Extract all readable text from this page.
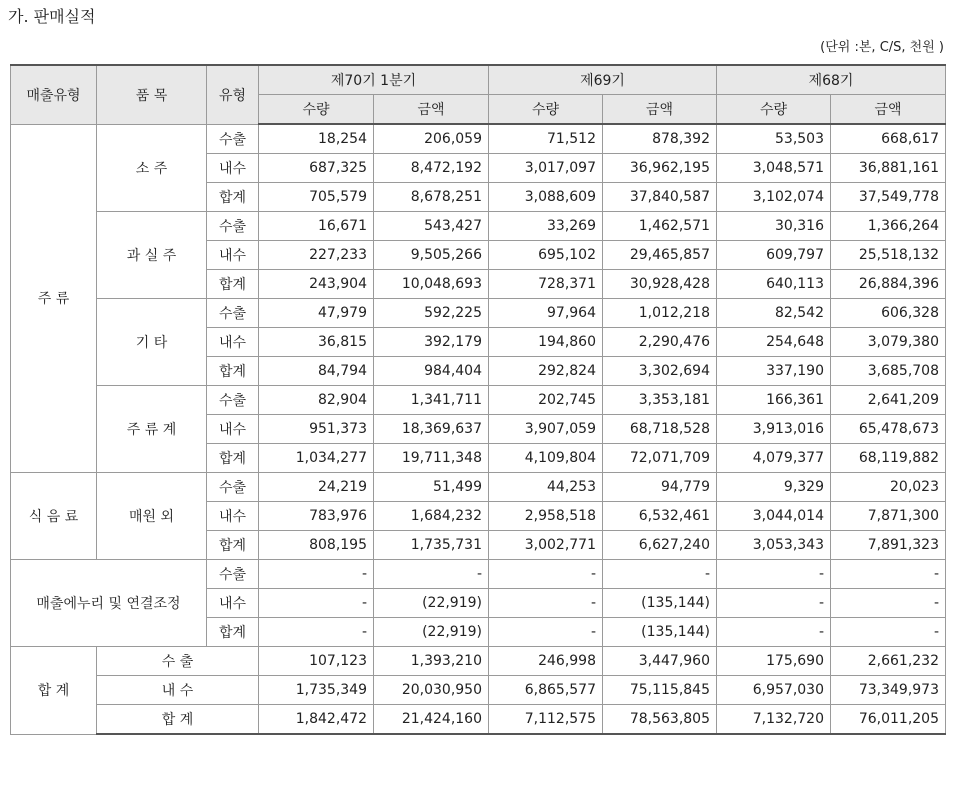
가. 판매실적
(단위 :본, C/S, 천원 )
매출유형	품 목	유형	제70기 1분기		제69기		제68기	
			수량	금액	수량	금액	수량	금액
주 류	소 주	수출	18,254	206,059	71,512	878,392	53,503	668,617
		내수	687,325	8,472,192	3,017,097	36,962,195	3,048,571	36,881,161
		합계	705,579	8,678,251	3,088,609	37,840,587	3,102,074	37,549,778
	과 실 주	수출	16,671	543,427	33,269	1,462,571	30,316	1,366,264
		내수	227,233	9,505,266	695,102	29,465,857	609,797	25,518,132
		합계	243,904	10,048,693	728,371	30,928,428	640,113	26,884,396
	기 타	수출	47,979	592,225	97,964	1,012,218	82,542	606,328
		내수	36,815	392,179	194,860	2,290,476	254,648	3,079,380
		합계	84,794	984,404	292,824	3,302,694	337,190	3,685,708
	주 류 계	수출	82,904	1,341,711	202,745	3,353,181	166,361	2,641,209
		내수	951,373	18,369,637	3,907,059	68,718,528	3,913,016	65,478,673
		합계	1,034,277	19,711,348	4,109,804	72,071,709	4,079,377	68,119,882
식 음 료	매원 외	수출	24,219	51,499	44,253	94,779	9,329	20,023
		내수	783,976	1,684,232	2,958,518	6,532,461	3,044,014	7,871,300
		합계	808,195	1,735,731	3,002,771	6,627,240	3,053,343	7,891,323
매출에누리 및 연결조정		수출	-	-	-	-	-	-
		내수	-	(22,919)	-	(135,144)	-	-
		합계	-	(22,919)	-	(135,144)	-	-
합 계	수 출		107,123	1,393,210	246,998	3,447,960	175,690	2,661,232
	내 수		1,735,349	20,030,950	6,865,577	75,115,845	6,957,030	73,349,973
	합 계		1,842,472	21,424,160	7,112,575	78,563,805	7,132,720	76,011,205
